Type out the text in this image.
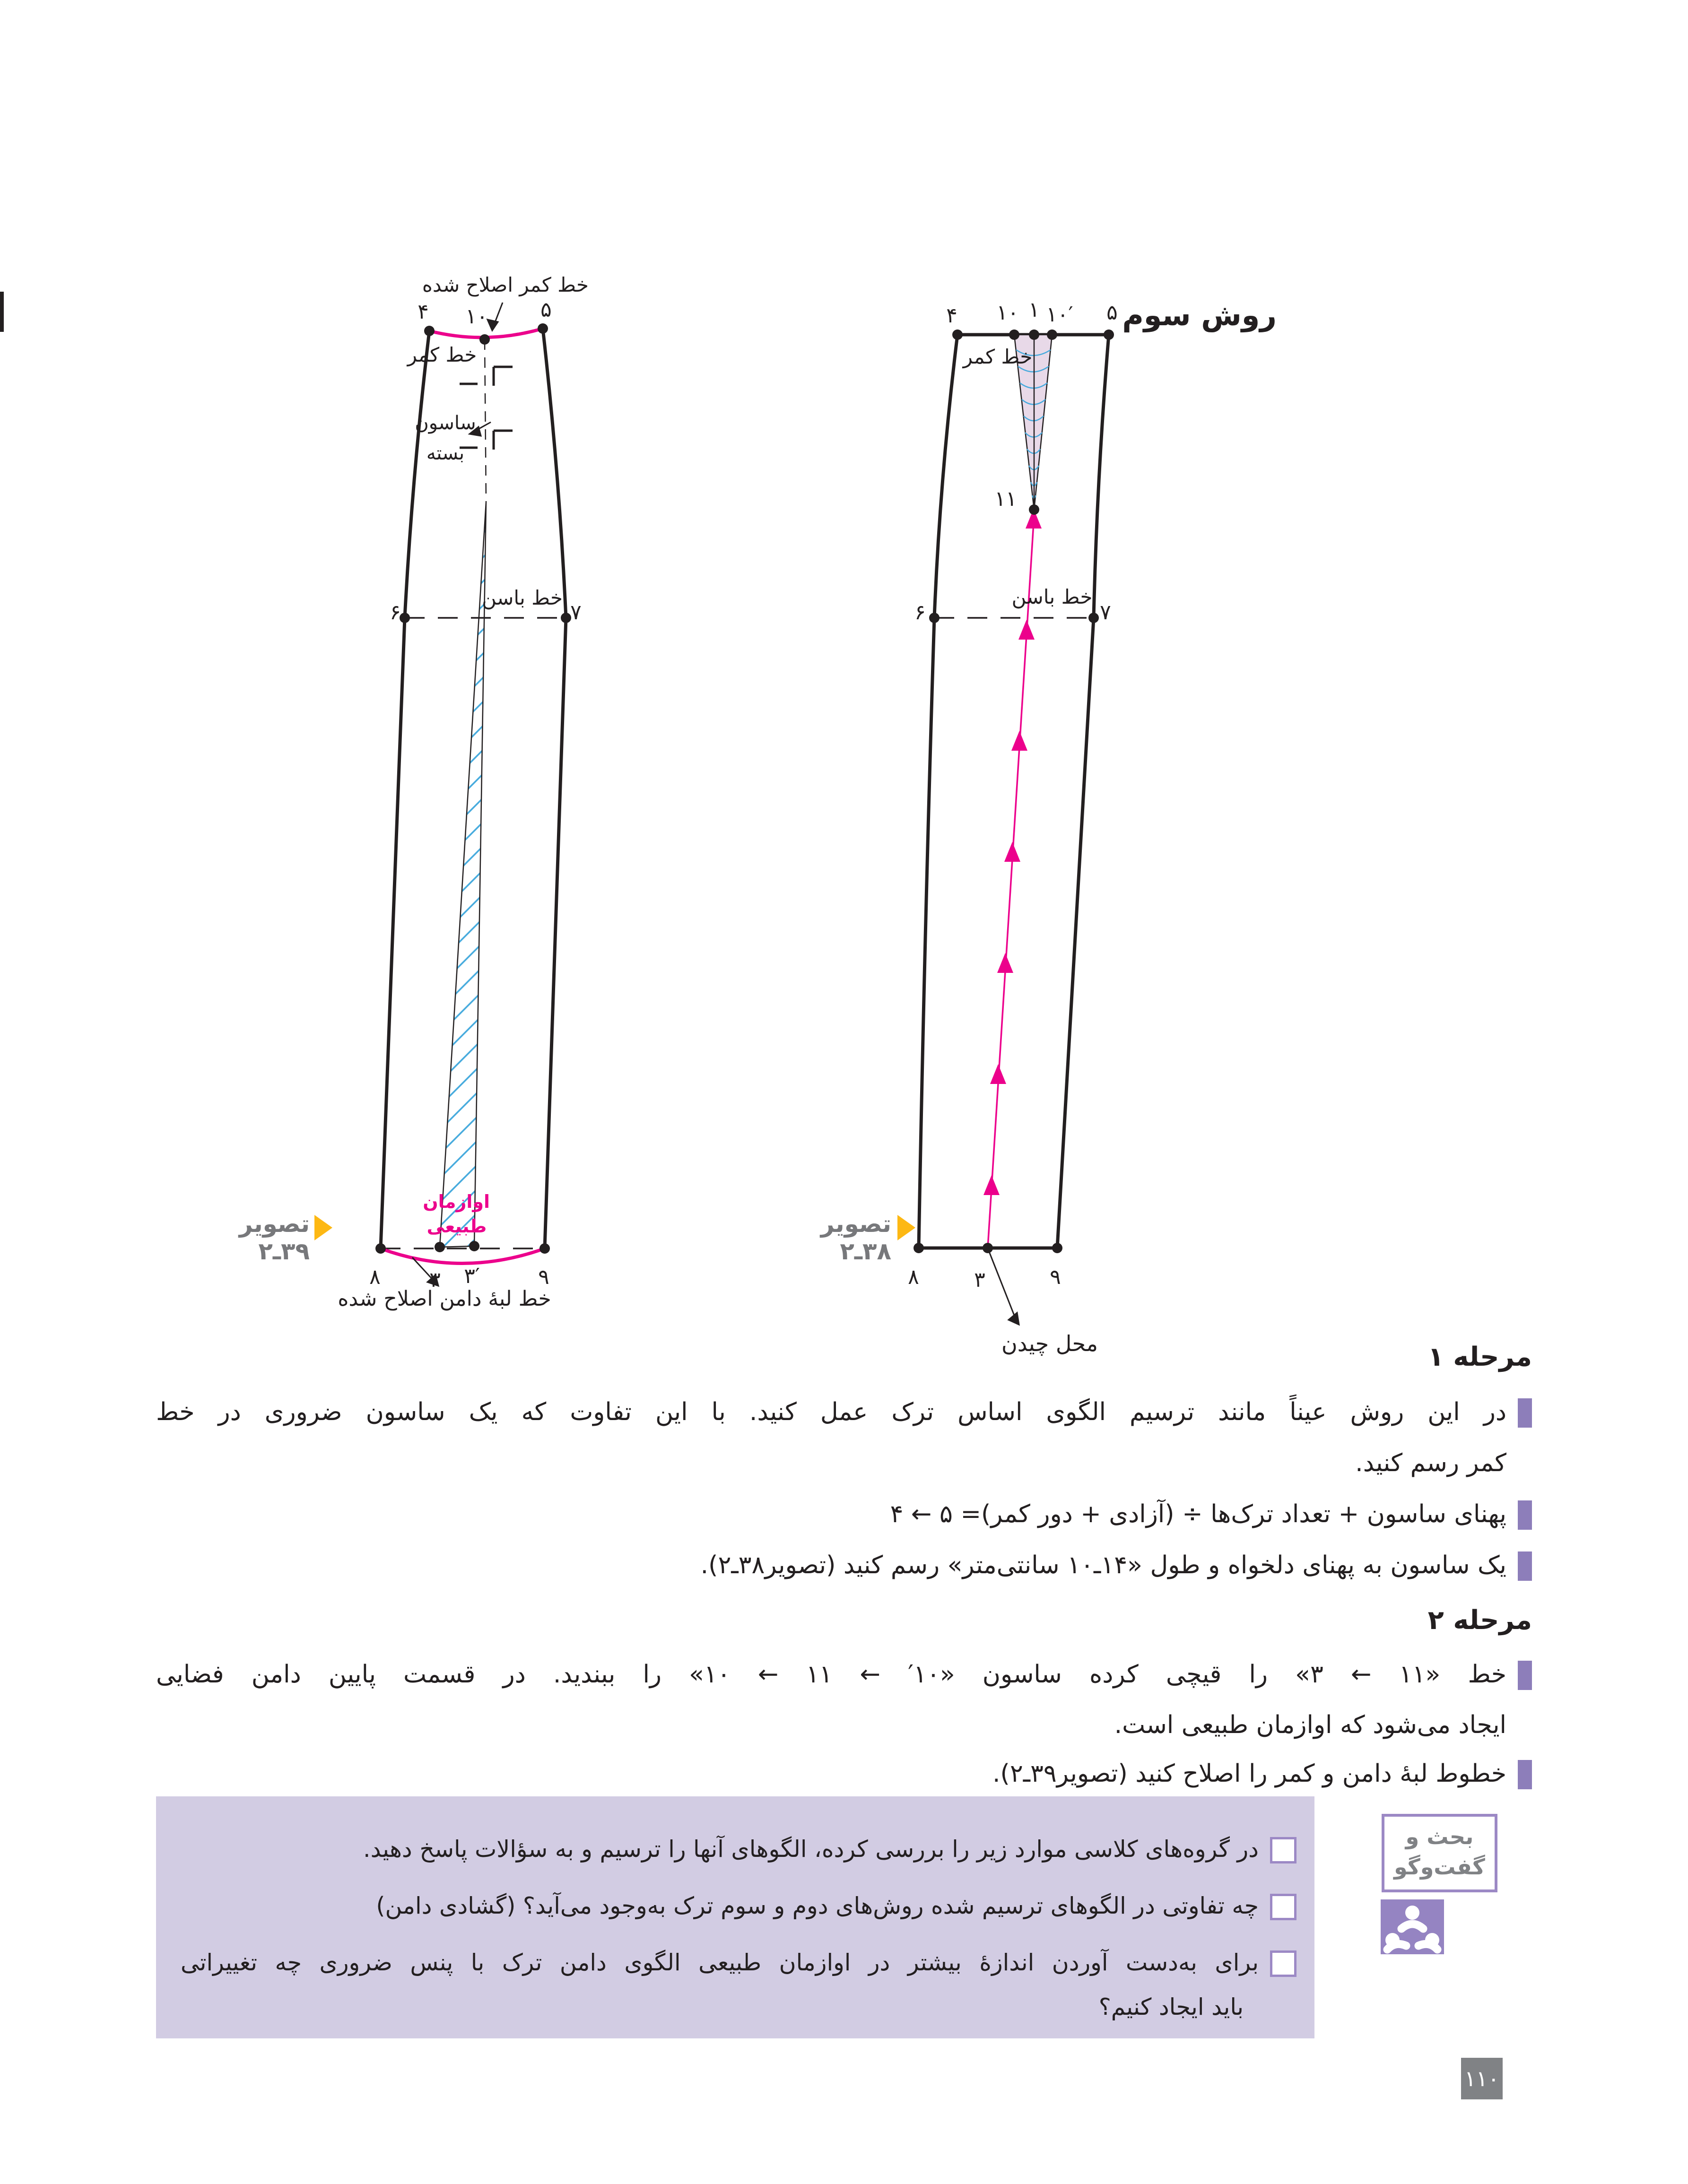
روش سوم
خط کمر اصلاح شده
۴	۱۰	۵
خط کمر
ساسون
بسته
خط باسن
۶	۷
اوازمان
طبیعی
۸	۳	۳′	۹
خط لبۀ دامن اصلاح شده
تصویر ۳۹ـ۲
۴	۱۰ ۱ ۱۰′	۵
خط کمر
۱۱
خط باسن
۶	۷
۸	۳	۹
محل چیدن
تصویر ۳۸ـ۲
مرحله ۱
در این روش عیناً مانند ترسیم الگوی اساس ترک عمل کنید. با این تفاوت که یک ساسون ضروری در خط
کمر رسم کنید.
پهنای ساسون + تعداد ترک‌ها ÷ (آزادی + دور کمر)= ۵ ← ۴
یک ساسون به پهنای دلخواه و طول «۱۴ـ۱۰ سانتی‌متر» رسم کنید (تصویر۳۸ـ۲).
مرحله ۲
خط «۱۱ ← ۳» را قیچی کرده ساسون «۱۰′ ← ۱۱ ← ۱۰» را ببندید. در قسمت پایین دامن فضایی
ایجاد می‌شود که اوازمان طبیعی است.
خطوط لبۀ دامن و کمر را اصلاح کنید (تصویر۳۹ـ۲).
در گروه‌های کلاسی موارد زیر را بررسی کرده، الگوهای آنها را ترسیم و به سؤالات پاسخ دهید.
چه تفاوتی در الگوهای ترسیم شده روش‌های دوم و سوم ترک به‌وجود می‌آید؟ (گشادی دامن)
برای به‌دست آوردن اندازۀ بیشتر در اوازمان طبیعی الگوی دامن ترک با پنس ضروری چه تغییراتی
باید ایجاد کنیم؟
بحث و
گفت‌وگو
۱۱۰
